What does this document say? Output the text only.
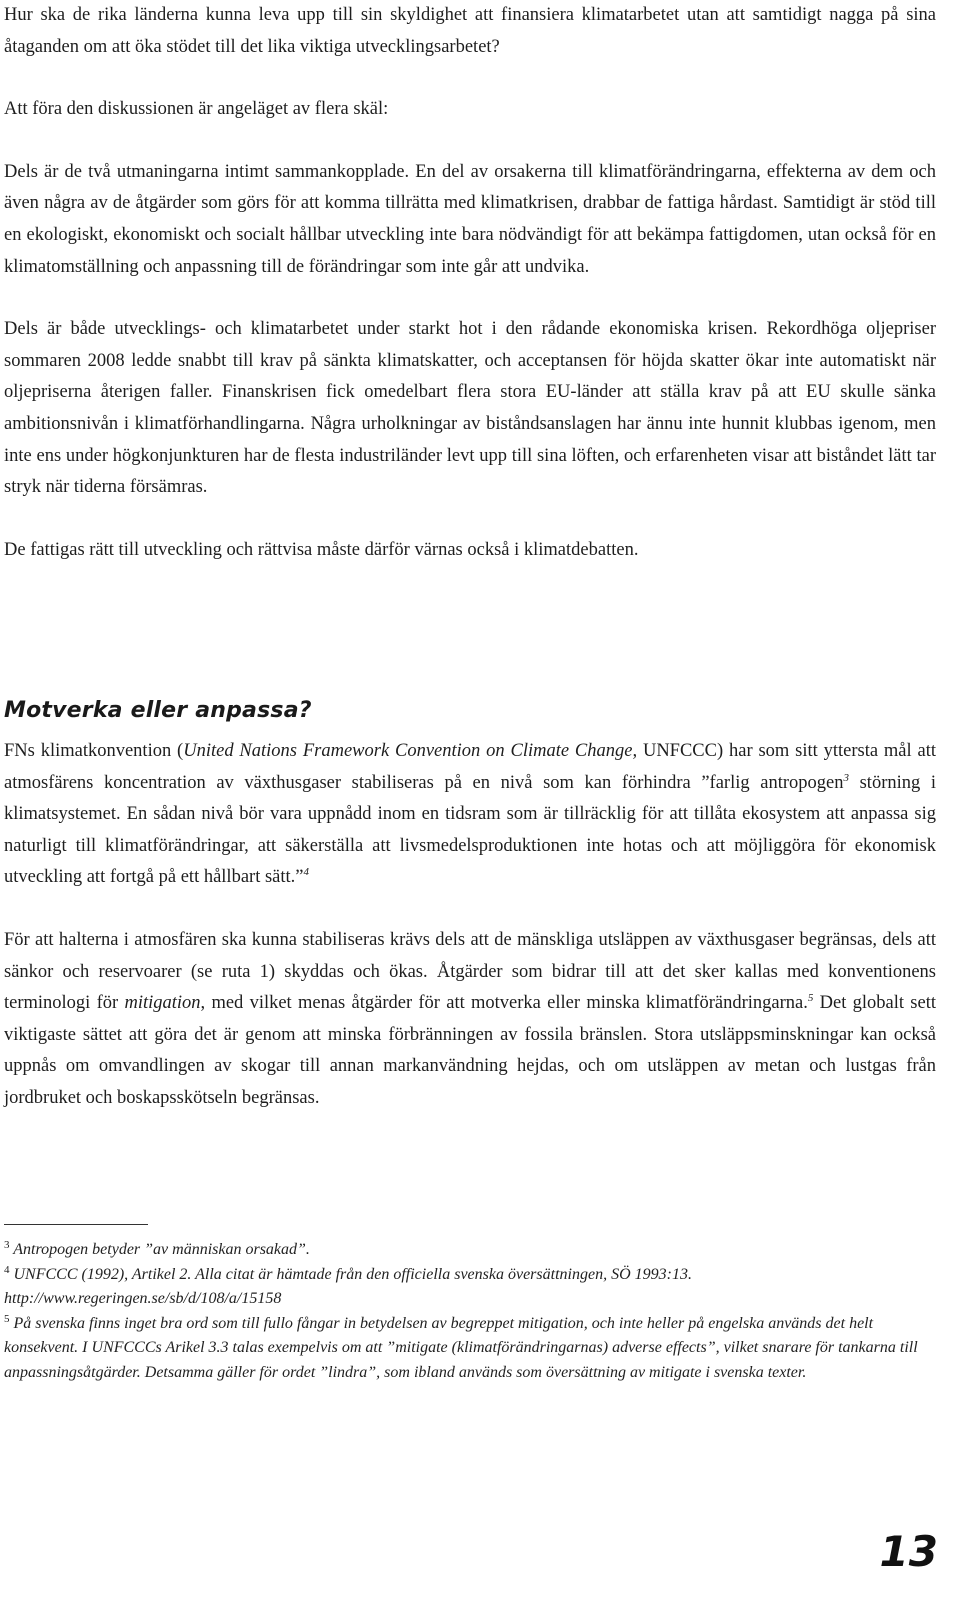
Hur ska de rika länderna kunna leva upp till sin skyldighet att finansiera klimatarbetet utan att samtidigt nagga på sina åtaganden om att öka stödet till det lika viktiga utvecklingsarbetet?

Att föra den diskussionen är angeläget av flera skäl:

Dels är de två utmaningarna intimt sammankopplade. En del av orsakerna till klimatförändringarna, effekterna av dem och även några av de åtgärder som görs för att komma tillrätta med klimatkrisen, drabbar de fattiga hårdast. Samtidigt är stöd till en ekologiskt, ekonomiskt och socialt hållbar utveckling inte bara nödvändigt för att bekämpa fattigdomen, utan också för en klimatomställning och anpassning till de förändringar som inte går att undvika.

Dels är både utvecklings- och klimatarbetet under starkt hot i den rådande ekonomiska krisen. Rekordhöga oljepriser sommaren 2008 ledde snabbt till krav på sänkta klimatskatter, och acceptansen för höjda skatter ökar inte automatiskt när oljepriserna återigen faller. Finanskrisen fick omedelbart flera stora EU-länder att ställa krav på att EU skulle sänka ambitionsnivån i klimatförhandlingarna. Några urholkningar av biståndsanslagen har ännu inte hunnit klubbas igenom, men inte ens under högkonjunkturen har de flesta industriländer levt upp till sina löften, och erfarenheten visar att biståndet lätt tar stryk när tiderna försämras.

De fattigas rätt till utveckling och rättvisa måste därför värnas också i klimatdebatten.

Motverka eller anpassa?

FNs klimatkonvention (United Nations Framework Convention on Climate Change, UNFCCC) har som sitt yttersta mål att atmosfärens koncentration av växthusgaser stabiliseras på en nivå som kan förhindra ”farlig antropogen$^3$ störning i klimatsystemet. En sådan nivå bör vara uppnådd inom en tidsram som är tillräcklig för att tillåta ekosystem att anpassa sig naturligt till klimatförändringar, att säkerställa att livsmedelsproduktionen inte hotas och att möjliggöra för ekonomisk utveckling att fortgå på ett hållbart sätt.”$^4$

För att halterna i atmosfären ska kunna stabiliseras krävs dels att de mänskliga utsläppen av växthusgaser begränsas, dels att sänkor och reservoarer (se ruta 1) skyddas och ökas. Åtgärder som bidrar till att det sker kallas med konventionens terminologi för mitigation, med vilket menas åtgärder för att motverka eller minska klimatförändringarna.$^5$ Det globalt sett viktigaste sättet att göra det är genom att minska förbränningen av fossila bränslen. Stora utsläppsminskningar kan också uppnås om omvandlingen av skogar till annan markanvändning hejdas, och om utsläppen av metan och lustgas från jordbruket och boskapsskötseln begränsas.

$^3$ Antropogen betyder ”av människan orsakad”.

$^4$ UNFCCC (1992), Artikel 2. Alla citat är hämtade från den officiella svenska översättningen, SÖ 1993:13. http://www.regeringen.se/sb/d/108/a/15158

$^5$ På svenska finns inget bra ord som till fullo fångar in betydelsen av begreppet mitigation, och inte heller på engelska används det helt konsekvent. I UNFCCCs Arikel 3.3 talas exempelvis om att ”mitigate (klimatförändringarnas) adverse effects”, vilket snarare för tankarna till anpassningsåtgärder. Detsamma gäller för ordet ”lindra”, som ibland används som översättning av mitigate i svenska texter.

13
